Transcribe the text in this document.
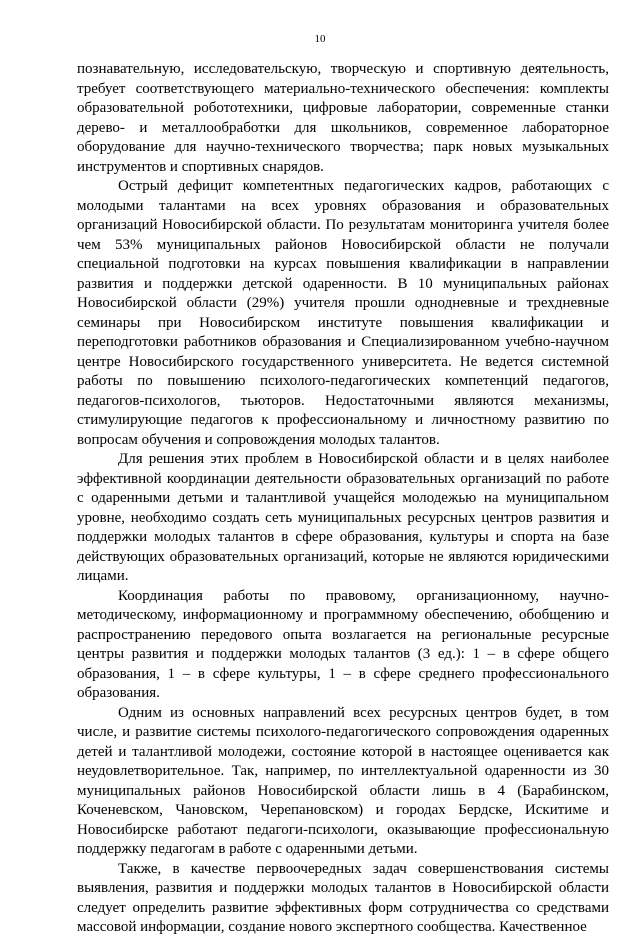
10

познавательную, исследовательскую, творческую и спортивную деятельность, требует соответствующего материально-технического обеспечения: комплекты образовательной робототехники, цифровые лаборатории, современные станки дерево- и металлообработки для школьников, современное лабораторное оборудование для научно-технического творчества; парк новых музыкальных инструментов и спортивных снарядов.

Острый дефицит компетентных педагогических кадров, работающих с молодыми талантами на всех уровнях образования и образовательных организаций Новосибирской области. По результатам мониторинга учителя более чем 53% муниципальных районов Новосибирской области не получали специальной подготовки на курсах повышения квалификации в направлении развития и поддержки детской одаренности. В 10 муниципальных районах Новосибирской области (29%) учителя прошли однодневные и трехдневные семинары при Новосибирском институте повышения квалификации и переподготовки работников образования и Специализированном учебно-научном центре Новосибирского государственного университета. Не ведется системной работы по повышению психолого-педагогических компетенций педагогов, педагогов-психологов, тьюторов. Недостаточными являются механизмы, стимулирующие педагогов к профессиональному и личностному развитию по вопросам обучения и сопровождения молодых талантов.

Для решения этих проблем в Новосибирской области и в целях наиболее эффективной координации деятельности образовательных организаций по работе с одаренными детьми и талантливой учащейся молодежью на муниципальном уровне, необходимо создать сеть муниципальных ресурсных центров развития и поддержки молодых талантов в сфере образования, культуры и спорта на базе действующих образовательных организаций, которые не являются юридическими лицами.

Координация работы по правовому, организационному, научно-методическому, информационному и программному обеспечению, обобщению и распространению передового опыта возлагается на региональные ресурсные центры развития и поддержки молодых талантов (3 ед.): 1 – в сфере общего образования, 1 – в сфере культуры, 1 – в сфере среднего профессионального образования.

Одним из основных направлений всех ресурсных центров будет, в том числе, и развитие системы психолого-педагогического сопровождения одаренных детей и талантливой молодежи, состояние которой в настоящее оценивается как неудовлетворительное. Так, например, по интеллектуальной одаренности из 30 муниципальных районов Новосибирской области лишь в 4 (Барабинском, Коченевском, Чановском, Черепановском) и городах Бердске, Искитиме и Новосибирске работают педагоги-психологи, оказывающие профессиональную поддержку педагогам в работе с одаренными детьми.

Также, в качестве первоочередных задач совершенствования системы выявления, развития и поддержки молодых талантов в Новосибирской области следует определить развитие эффективных форм сотрудничества со средствами массовой информации, создание нового экспертного сообщества. Качественное
